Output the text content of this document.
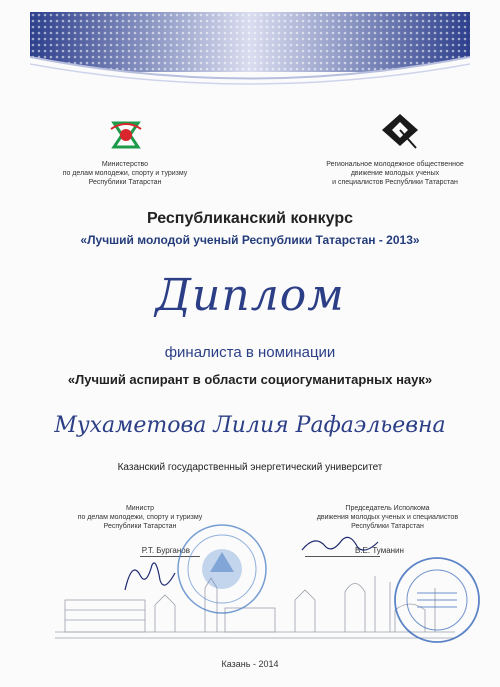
Министерство
по делам молодежи, спорту и туризму
Республики Татарстан
Региональное молодежное общественное
движение молодых ученых
и специалистов Республики Татарстан
Республиканский конкурс
«Лучший молодой ученый Республики Татарстан - 2013»
Диплом
финалиста в номинации
«Лучший аспирант в области социогуманитарных наук»
Мухаметова Лилия Рафаэльевна
Казанский государственный энергетический университет
Министр
по делам молодежи, спорту и туризму
Республики Татарстан
Председатель Исполкома
движения молодых ученых и специалистов
Республики Татарстан
Р.Т. Бурганов	В.Е. Туманин
Казань - 2014
